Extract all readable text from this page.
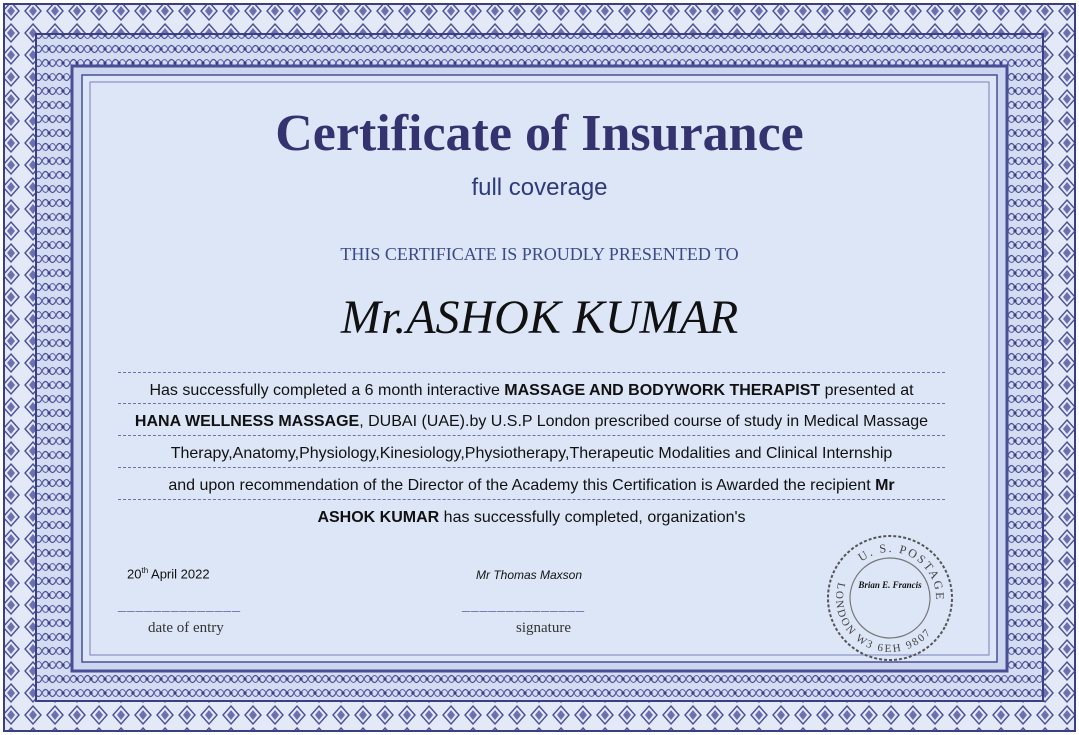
Certificate of Insurance
full coverage
THIS CERTIFICATE IS PROUDLY PRESENTED TO
Mr.ASHOK KUMAR
Has successfully completed a 6 month interactive MASSAGE AND BODYWORK THERAPIST presented at
HANA WELLNESS MASSAGE, DUBAI (UAE).by U.S.P London prescribed course of study in Medical Massage
Therapy,Anatomy,Physiology,Kinesiology,Physiotherapy,Therapeutic Modalities and Clinical Internship
and upon recommendation of the Director of the Academy this Certification is Awarded the recipient Mr
ASHOK KUMAR has successfully completed, organization's
20th April 2022
______________
date of entry
Mr Thomas Maxson
______________
signature
U. S. POSTAGE
LONDON W3 6EH 9807
Brian E. Francis
